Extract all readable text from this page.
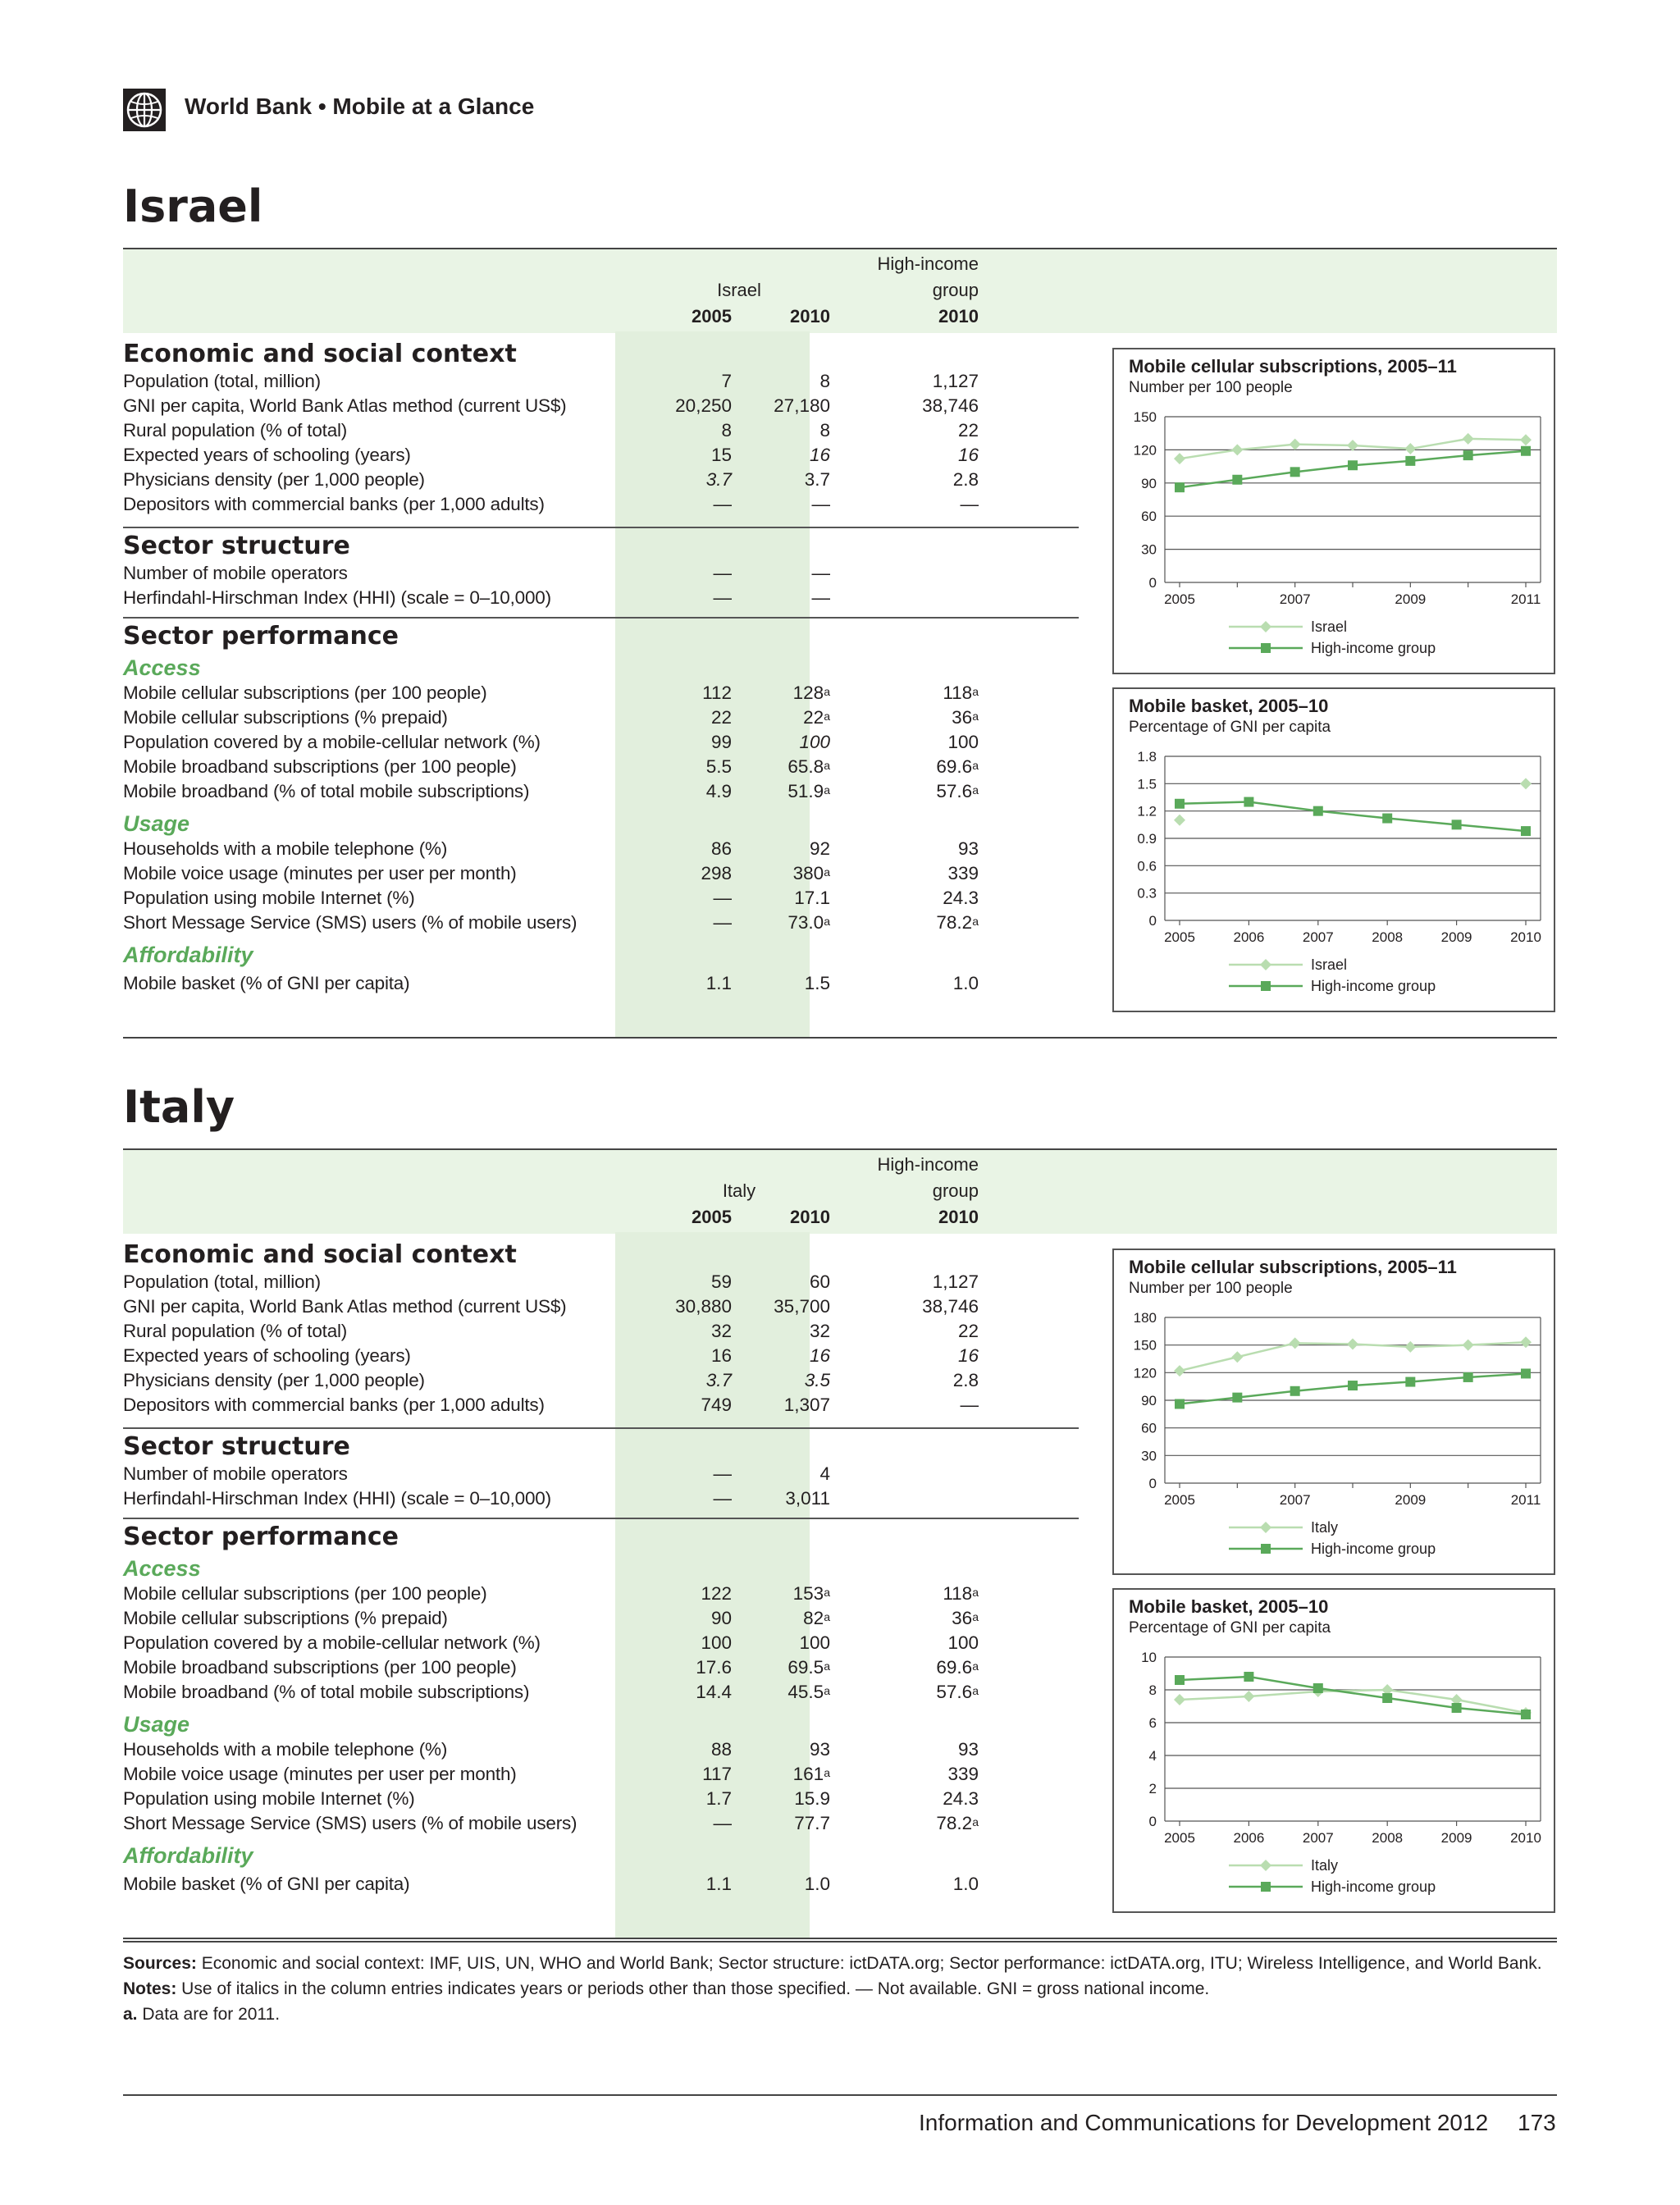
World Bank • Mobile at a Glance
Israel
Israel
2005	2010
High-income
group
2010
Economic and social context
Population (total, million)	7	8	1,127
GNI per capita, World Bank Atlas method (current US$)	20,250	27,180	38,746
Rural population (% of total)	8	8	22
Expected years of schooling (years)	15	16	16
Physicians density (per 1,000 people)	3.7	3.7	2.8
Depositors with commercial banks (per 1,000 adults)	—	—	—
Sector structure
Number of mobile operators	—	—
Herfindahl-Hirschman Index (HHI) (scale = 0–10,000)	—	—
Sector performance
Access
Mobile cellular subscriptions (per 100 people)	112	128$^a$	118$^a$
Mobile cellular subscriptions (% prepaid)	22	22$^a$	36$^a$
Population covered by a mobile-cellular network (%)	99	100	100
Mobile broadband subscriptions (per 100 people)	5.5	65.8$^a$	69.6$^a$
Mobile broadband (% of total mobile subscriptions)	4.9	51.9$^a$	57.6$^a$
Usage
Households with a mobile telephone (%)	86	92	93
Mobile voice usage (minutes per user per month)	298	380$^a$	339
Population using mobile Internet (%)	—	17.1	24.3
Short Message Service (SMS) users (% of mobile users)	—	73.0$^a$	78.2$^a$
Affordability
Mobile basket (% of GNI per capita)	1.1	1.5	1.0
Italy
Italy
2005	2010
High-income
group
2010
Economic and social context
Population (total, million)	59	60	1,127
GNI per capita, World Bank Atlas method (current US$)	30,880	35,700	38,746
Rural population (% of total)	32	32	22
Expected years of schooling (years)	16	16	16
Physicians density (per 1,000 people)	3.7	3.5	2.8
Depositors with commercial banks (per 1,000 adults)	749	1,307	—
Sector structure
Number of mobile operators	—	4
Herfindahl-Hirschman Index (HHI) (scale = 0–10,000)	—	3,011
Sector performance
Access
Mobile cellular subscriptions (per 100 people)	122	153$^a$	118$^a$
Mobile cellular subscriptions (% prepaid)	90	82$^a$	36$^a$
Population covered by a mobile-cellular network (%)	100	100	100
Mobile broadband subscriptions (per 100 people)	17.6	69.5$^a$	69.6$^a$
Mobile broadband (% of total mobile subscriptions)	14.4	45.5$^a$	57.6$^a$
Usage
Households with a mobile telephone (%)	88	93	93
Mobile voice usage (minutes per user per month)	117	161$^a$	339
Population using mobile Internet (%)	1.7	15.9	24.3
Short Message Service (SMS) users (% of mobile users)	—	77.7	78.2$^a$
Affordability
Mobile basket (% of GNI per capita)	1.1	1.0	1.0
Mobile cellular subscriptions, 2005–11
Number per 100 people
0
30
60
90
120
150
2005	2007	2009	2011
Israel
High-income group
Mobile basket, 2005–10
Percentage of GNI per capita
0
0.3
0.6
0.9
1.2
1.5
1.8
2005	2006	2007	2008	2009	2010
Israel
High-income group
Mobile cellular subscriptions, 2005–11
Number per 100 people
0
30
60
90
120
150
180
2005	2007	2009	2011
Italy
High-income group
Mobile basket, 2005–10
Percentage of GNI per capita
0
2
4
6
8
10
2005	2006	2007	2008	2009	2010
Italy
High-income group
Sources: Economic and social context: IMF, UIS, UN, WHO and World Bank; Sector structure: ictDATA.org; Sector performance: ictDATA.org, ITU; Wireless Intelligence, and World Bank.
Notes: Use of italics in the column entries indicates years or periods other than those specified. — Not available. GNI = gross national income.
a. Data are for 2011.
Information and Communications for Development 2012 173
